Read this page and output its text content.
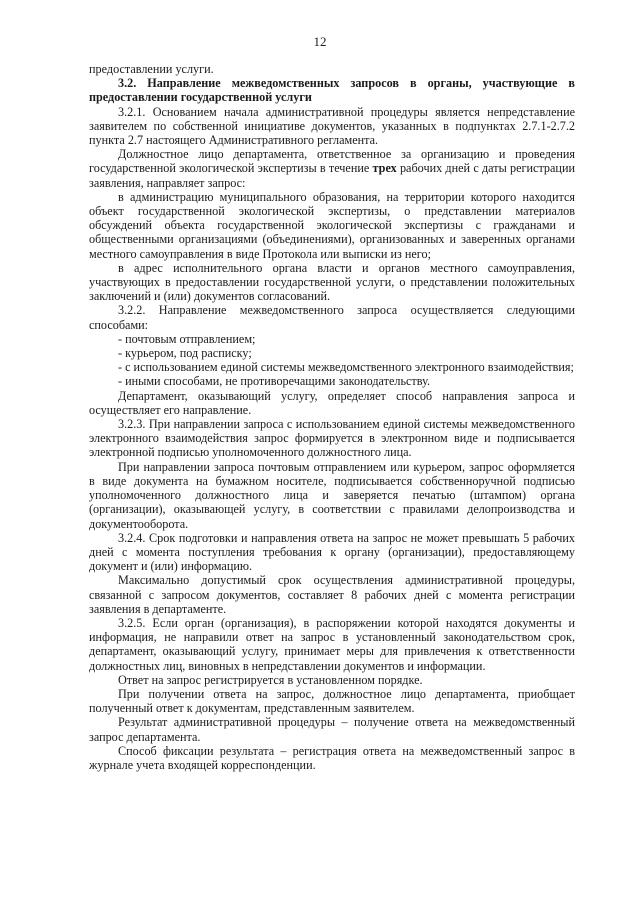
12

предоставлении услуги.

3.2. Направление межведомственных запросов в органы, участвующие в предоставлении государственной услуги

3.2.1. Основанием начала административной процедуры является непредставление заявителем по собственной инициативе документов, указанных в подпунктах 2.7.1-2.7.2 пункта 2.7 настоящего Административного регламента.

Должностное лицо департамента, ответственное за организацию и проведения государственной экологической экспертизы в течение трех рабочих дней с даты регистрации заявления, направляет запрос:

в администрацию муниципального образования, на территории которого находится объект государственной экологической экспертизы, о представлении материалов обсуждений объекта государственной экологической экспертизы с гражданами и общественными организациями (объединениями), организованных и заверенных органами местного самоуправления в виде Протокола или выписки из него;

в адрес исполнительного органа власти и органов местного самоуправления, участвующих в предоставлении государственной услуги, о представлении положительных заключений и (или) документов согласований.

3.2.2. Направление межведомственного запроса осуществляется следующими способами:

- почтовым отправлением;

- курьером, под расписку;

- с использованием единой системы межведомственного электронного взаимодействия;

- иными способами, не противоречащими законодательству.

Департамент, оказывающий услугу, определяет способ направления запроса и осуществляет его направление.

3.2.3. При направлении запроса с использованием единой системы межведомственного электронного взаимодействия запрос формируется в электронном виде и подписывается электронной подписью уполномоченного должностного лица.

При направлении запроса почтовым отправлением или курьером, запрос оформляется в виде документа на бумажном носителе, подписывается собственноручной подписью уполномоченного должностного лица и заверяется печатью (штампом) органа (организации), оказывающей услугу, в соответствии с правилами делопроизводства и документооборота.

3.2.4. Срок подготовки и направления ответа на запрос не может превышать 5 рабочих дней с момента поступления требования к органу (организации), предоставляющему документ и (или) информацию.

Максимально допустимый срок осуществления административной процедуры, связанной с запросом документов, составляет 8 рабочих дней с момента регистрации заявления в департаменте.

3.2.5. Если орган (организация), в распоряжении которой находятся документы и информация, не направили ответ на запрос в установленный законодательством срок, департамент, оказывающий услугу, принимает меры для привлечения к ответственности должностных лиц, виновных в непредставлении документов и информации.

Ответ на запрос регистрируется в установленном порядке.

При получении ответа на запрос, должностное лицо департамента, приобщает полученный ответ к документам, представленным заявителем.

Результат административной процедуры – получение ответа на межведомственный запрос департамента.

Способ фиксации результата – регистрация ответа на межведомственный запрос в журнале учета входящей корреспонденции.
